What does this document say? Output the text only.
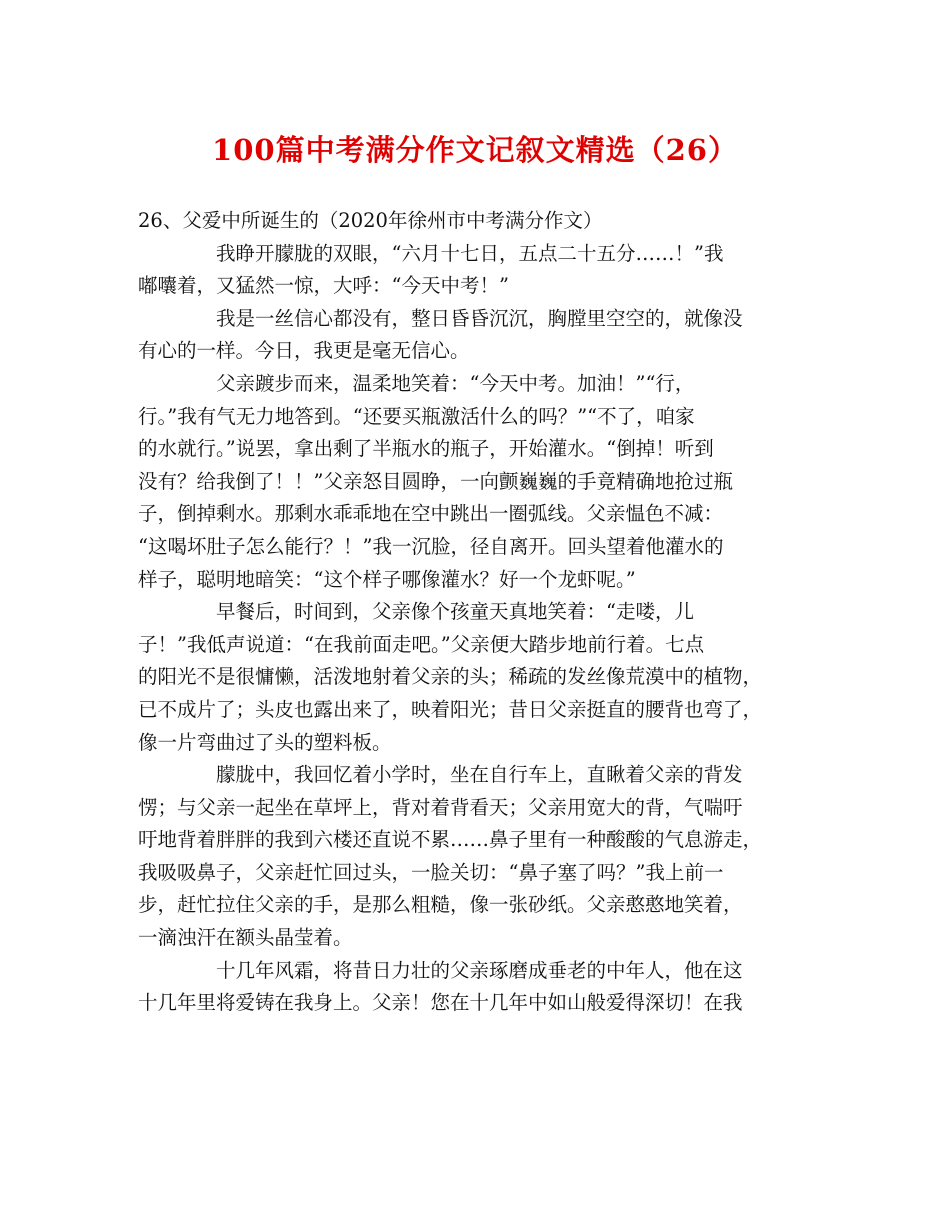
100篇中考满分作文记叙文精选（26）
26、父爱中所诞生的（2020年徐州市中考满分作文）
我睁开朦胧的双眼，“六月十七日，五点二十五分……！”我
嘟囔着，又猛然一惊，大呼：“今天中考！”
我是一丝信心都没有，整日昏昏沉沉，胸膛里空空的，就像没
有心的一样。今日，我更是毫无信心。
父亲踱步而来，温柔地笑着：“今天中考。加油！”“行，
行。”我有气无力地答到。“还要买瓶激活什么的吗？”“不了，咱家
的水就行。”说罢，拿出剩了半瓶水的瓶子，开始灌水。“倒掉！听到
没有？给我倒了！！”父亲怒目圆睁，一向颤巍巍的手竟精确地抢过瓶
子，倒掉剩水。那剩水乖乖地在空中跳出一圈弧线。父亲愠色不减：
“这喝坏肚子怎么能行？！”我一沉脸，径自离开。回头望着他灌水的
样子，聪明地暗笑：“这个样子哪像灌水？好一个龙虾呢。”
早餐后，时间到，父亲像个孩童天真地笑着：“走喽，儿
子！”我低声说道：“在我前面走吧。”父亲便大踏步地前行着。七点
的阳光不是很慵懒，活泼地射着父亲的头；稀疏的发丝像荒漠中的植物，
已不成片了；头皮也露出来了，映着阳光；昔日父亲挺直的腰背也弯了，
像一片弯曲过了头的塑料板。
朦胧中，我回忆着小学时，坐在自行车上，直瞅着父亲的背发
愣；与父亲一起坐在草坪上，背对着背看天；父亲用宽大的背，气喘吁
吁地背着胖胖的我到六楼还直说不累……鼻子里有一种酸酸的气息游走，
我吸吸鼻子，父亲赶忙回过头，一脸关切：“鼻子塞了吗？”我上前一
步，赶忙拉住父亲的手，是那么粗糙，像一张砂纸。父亲憨憨地笑着，
一滴浊汗在额头晶莹着。
十几年风霜，将昔日力壮的父亲琢磨成垂老的中年人，他在这
十几年里将爱铸在我身上。父亲！您在十几年中如山般爱得深切！在我
